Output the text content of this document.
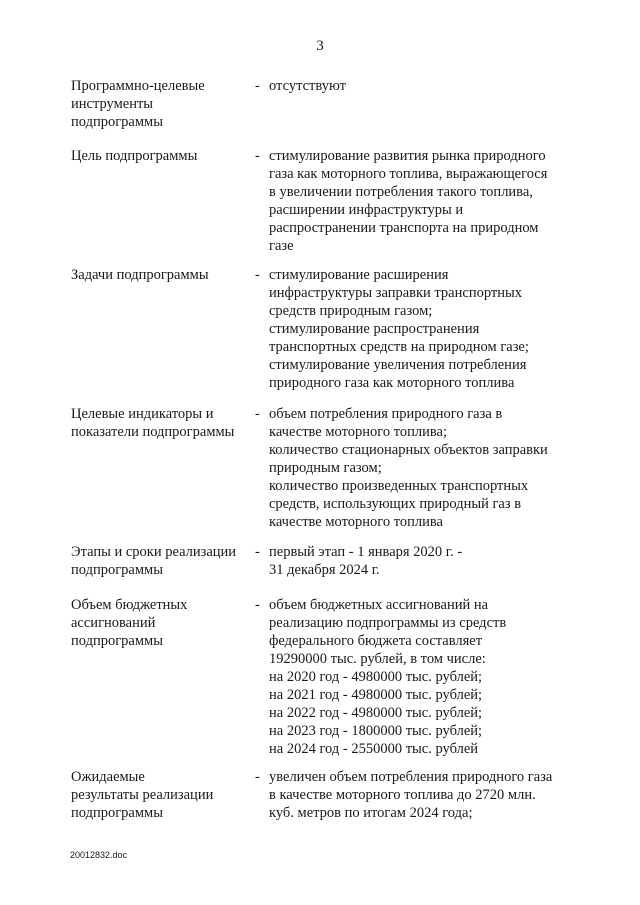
3
Программно-целевые
инструменты
подпрограммы
- отсутствуют
Цель подпрограммы	- стимулирование развития рынка природного
газа как моторного топлива, выражающегося
в увеличении потребления такого топлива,
расширении инфраструктуры и
распространении транспорта на природном
газе
Задачи подпрограммы	- стимулирование расширения
инфраструктуры заправки транспортных
средств природным газом;
стимулирование распространения
транспортных средств на природном газе;
стимулирование увеличения потребления
природного газа как моторного топлива
Целевые индикаторы и
показатели подпрограммы
- объем потребления природного газа в
качестве моторного топлива;
количество стационарных объектов заправки
природным газом;
количество произведенных транспортных
средств, использующих природный газ в
качестве моторного топлива
Этапы и сроки реализации
подпрограммы
- первый этап - 1 января 2020 г. -
31 декабря 2024 г.
Объем бюджетных
ассигнований
подпрограммы
- объем бюджетных ассигнований на
реализацию подпрограммы из средств
федерального бюджета составляет
19290000 тыс. рублей, в том числе:
на 2020 год - 4980000 тыс. рублей;
на 2021 год - 4980000 тыс. рублей;
на 2022 год - 4980000 тыс. рублей;
на 2023 год - 1800000 тыс. рублей;
на 2024 год - 2550000 тыс. рублей
Ожидаемые
результаты реализации
подпрограммы
- увеличен объем потребления природного газа
в качестве моторного топлива до 2720 млн.
куб. метров по итогам 2024 года;
20012832.doc
